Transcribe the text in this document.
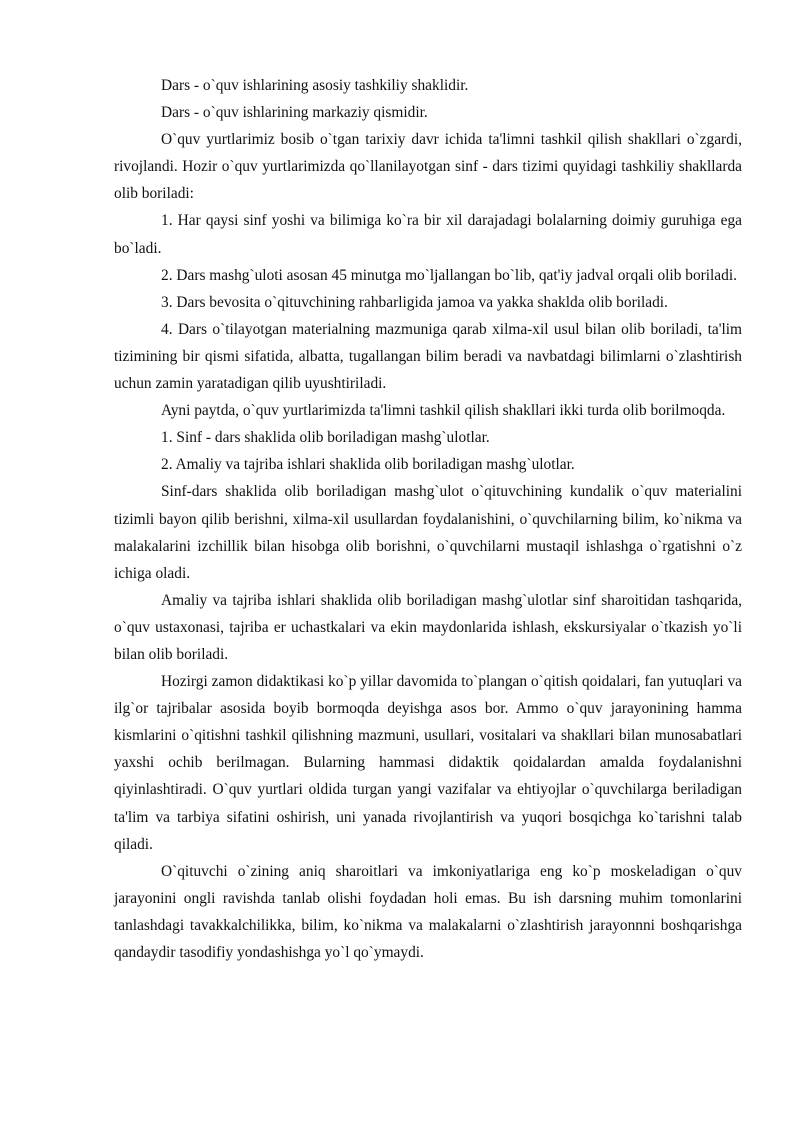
Dars - o`quv ishlarining asosiy tashkiliy shaklidir.

Dars - o`quv ishlarining markaziy qismidir.

O`quv yurtlarimiz bosib o`tgan tarixiy davr ichida ta'limni tashkil qilish shakllari o`zgardi, rivojlandi. Hozir o`quv yurtlarimizda qo`llanilayotgan sinf - dars tizimi quyidagi tashkiliy shakllarda olib boriladi:

1. Har qaysi sinf yoshi va bilimiga ko`ra bir xil darajadagi bolalarning doimiy guruhiga ega bo`ladi.

2. Dars mashg`uloti asosan 45 minutga mo`ljallangan bo`lib, qat'iy jadval orqali olib boriladi.

3. Dars bevosita o`qituvchining rahbarligida jamoa va yakka shaklda olib boriladi.

4. Dars o`tilayotgan materialning mazmuniga qarab xilma-xil usul bilan olib boriladi, ta'lim tizimining bir qismi sifatida, albatta, tugallangan bilim beradi va navbatdagi bilimlarni o`zlashtirish uchun zamin yaratadigan qilib uyushtiriladi.

Ayni paytda, o`quv yurtlarimizda ta'limni tashkil qilish shakllari ikki turda olib borilmoqda.

1. Sinf - dars shaklida olib boriladigan mashg`ulotlar.

2. Amaliy va tajriba ishlari shaklida olib boriladigan mashg`ulotlar.

Sinf-dars shaklida olib boriladigan mashg`ulot o`qituvchining kundalik o`quv materialini tizimli bayon qilib berishni, xilma-xil usullardan foydalanishini, o`quvchilarning bilim, ko`nikma va malakalarini izchillik bilan hisobga olib borishni, o`quvchilarni mustaqil ishlashga o`rgatishni o`z ichiga oladi.

Amaliy va tajriba ishlari shaklida olib boriladigan mashg`ulotlar sinf sharoitidan tashqarida, o`quv ustaxonasi, tajriba er uchastkalari va ekin maydonlarida ishlash, ekskursiyalar o`tkazish yo`li bilan olib boriladi.

Hozirgi zamon didaktikasi ko`p yillar davomida to`plangan o`qitish qoidalari, fan yutuqlari va ilg`or tajribalar asosida boyib bormoqda deyishga asos bor. Ammo o`quv jarayonining hamma kismlarini o`qitishni tashkil qilishning mazmuni, usullari, vositalari va shakllari bilan munosabatlari yaxshi ochib berilmagan. Bularning hammasi didaktik qoidalardan amalda foydalanishni qiyinlashtiradi. O`quv yurtlari oldida turgan yangi vazifalar va ehtiyojlar o`quvchilarga beriladigan ta'lim va tarbiya sifatini oshirish, uni yanada rivojlantirish va yuqori bosqichga ko`tarishni talab qiladi.

O`qituvchi o`zining aniq sharoitlari va imkoniyatlariga eng ko`p moskeladigan o`quv jarayonini ongli ravishda tanlab olishi foydadan holi emas. Bu ish darsning muhim tomonlarini tanlashdagi tavakkalchilikka, bilim, ko`nikma va malakalarni o`zlashtirish jarayonnni boshqarishga qandaydir tasodifiy yondashishga yo`l qo`ymaydi.
